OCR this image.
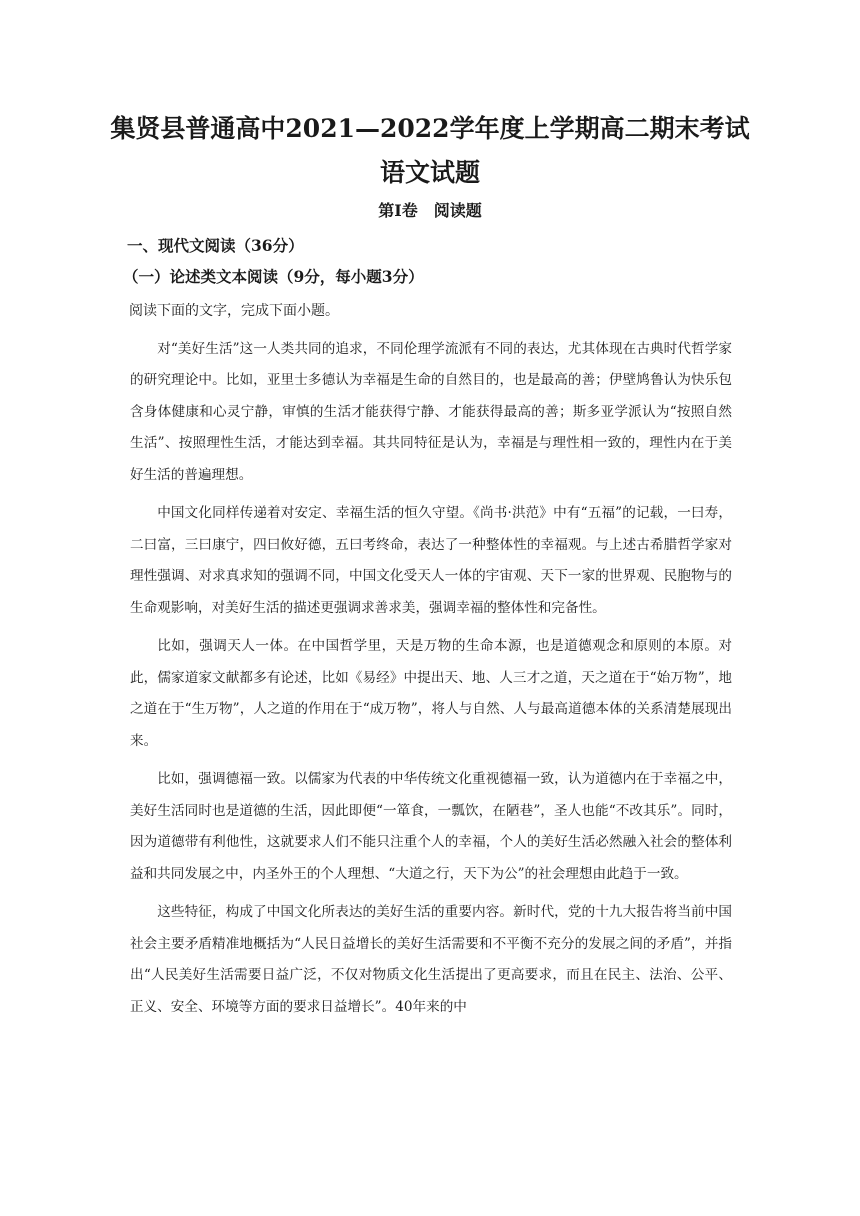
集贤县普通高中2021—2022学年度上学期高二期末考试
语文试题
第Ⅰ卷　阅读题
一、现代文阅读（36分）
（一）论述类文本阅读（9分，每小题3分）
阅读下面的文字，完成下面小题。

对“美好生活”这一人类共同的追求，不同伦理学流派有不同的表达，尤其体现在古典时代哲学家的研究理论中。比如，亚里士多德认为幸福是生命的自然目的，也是最高的善；伊壁鸠鲁认为快乐包含身体健康和心灵宁静，审慎的生活才能获得宁静、才能获得最高的善；斯多亚学派认为“按照自然生活”、按照理性生活，才能达到幸福。其共同特征是认为，幸福是与理性相一致的，理性内在于美好生活的普遍理想。

中国文化同样传递着对安定、幸福生活的恒久守望。《尚书·洪范》中有“五福”的记载，一曰寿，二曰富，三曰康宁，四曰攸好德，五曰考终命，表达了一种整体性的幸福观。与上述古希腊哲学家对理性强调、对求真求知的强调不同，中国文化受天人一体的宇宙观、天下一家的世界观、民胞物与的生命观影响，对美好生活的描述更强调求善求美，强调幸福的整体性和完备性。

比如，强调天人一体。在中国哲学里，天是万物的生命本源，也是道德观念和原则的本原。对此，儒家道家文献都多有论述，比如《易经》中提出天、地、人三才之道，天之道在于“始万物”，地之道在于“生万物”，人之道的作用在于“成万物”，将人与自然、人与最高道德本体的关系清楚展现出来。

比如，强调德福一致。以儒家为代表的中华传统文化重视德福一致，认为道德内在于幸福之中，美好生活同时也是道德的生活，因此即便“一箪食，一瓢饮，在陋巷”，圣人也能“不改其乐”。同时，因为道德带有利他性，这就要求人们不能只注重个人的幸福，个人的美好生活必然融入社会的整体利益和共同发展之中，内圣外王的个人理想、“大道之行，天下为公”的社会理想由此趋于一致。

这些特征，构成了中国文化所表达的美好生活的重要内容。新时代，党的十九大报告将当前中国社会主要矛盾精准地概括为“人民日益增长的美好生活需要和不平衡不充分的发展之间的矛盾”，并指出“人民美好生活需要日益广泛，不仅对物质文化生活提出了更高要求，而且在民主、法治、公平、正义、安全、环境等方面的要求日益增长”。40年来的中
